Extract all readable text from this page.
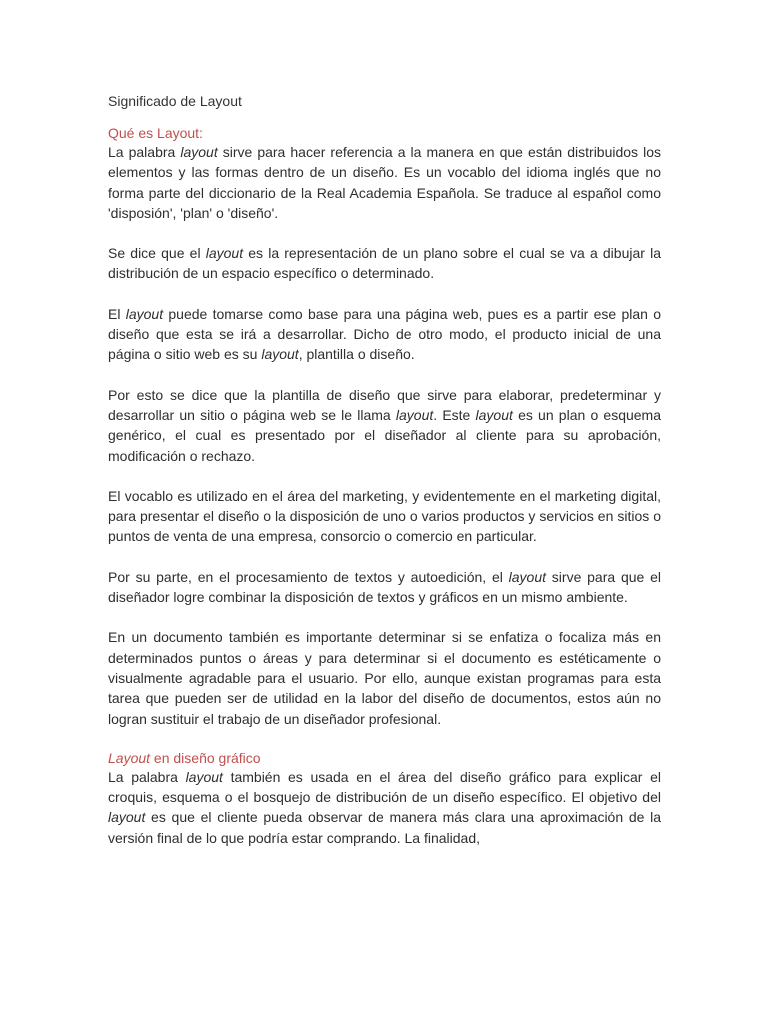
Significado de Layout

Qué es Layout:

La palabra layout sirve para hacer referencia a la manera en que están distribuidos los elementos y las formas dentro de un diseño. Es un vocablo del idioma inglés que no forma parte del diccionario de la Real Academia Española. Se traduce al español como 'disposión', 'plan' o 'diseño'.

Se dice que el layout es la representación de un plano sobre el cual se va a dibujar la distribución de un espacio específico o determinado.

El layout puede tomarse como base para una página web, pues es a partir ese plan o diseño que esta se irá a desarrollar. Dicho de otro modo, el producto inicial de una página o sitio web es su layout, plantilla o diseño.

Por esto se dice que la plantilla de diseño que sirve para elaborar, predeterminar y desarrollar un sitio o página web se le llama layout. Este layout es un plan o esquema genérico, el cual es presentado por el diseñador al cliente para su aprobación, modificación o rechazo.

El vocablo es utilizado en el área del marketing, y evidentemente en el marketing digital, para presentar el diseño o la disposición de uno o varios productos y servicios en sitios o puntos de venta de una empresa, consorcio o comercio en particular.

Por su parte, en el procesamiento de textos y autoedición, el layout sirve para que el diseñador logre combinar la disposición de textos y gráficos en un mismo ambiente.

En un documento también es importante determinar si se enfatiza o focaliza más en determinados puntos o áreas y para determinar si el documento es estéticamente o visualmente agradable para el usuario. Por ello, aunque existan programas para esta tarea que pueden ser de utilidad en la labor del diseño de documentos, estos aún no logran sustituir el trabajo de un diseñador profesional.

Layout en diseño gráfico

La palabra layout también es usada en el área del diseño gráfico para explicar el croquis, esquema o el bosquejo de distribución de un diseño específico. El objetivo del layout es que el cliente pueda observar de manera más clara una aproximación de la versión final de lo que podría estar comprando. La finalidad,
